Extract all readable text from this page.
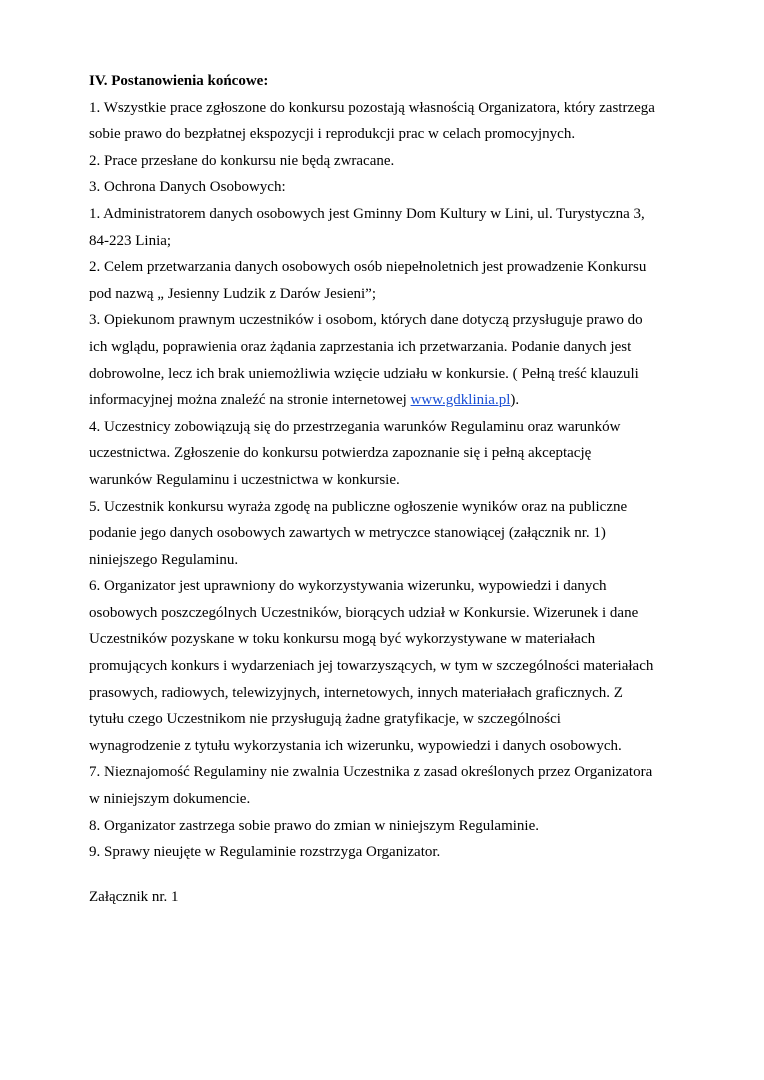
IV. Postanowienia końcowe:

1. Wszystkie prace zgłoszone do konkursu pozostają własnością Organizatora, który zastrzega

sobie prawo do bezpłatnej ekspozycji i reprodukcji prac w celach promocyjnych.

2. Prace przesłane do konkursu nie będą zwracane.

3. Ochrona Danych Osobowych:

1. Administratorem danych osobowych jest Gminny Dom Kultury w Lini, ul. Turystyczna 3,

84-223 Linia;

2. Celem przetwarzania danych osobowych osób niepełnoletnich jest prowadzenie Konkursu

pod nazwą „ Jesienny Ludzik z Darów Jesieni”;

3. Opiekunom prawnym uczestników i osobom, których dane dotyczą przysługuje prawo do

ich wglądu, poprawienia oraz żądania zaprzestania ich przetwarzania. Podanie danych jest

dobrowolne, lecz ich brak uniemożliwia wzięcie udziału w konkursie. ( Pełną treść klauzuli

informacyjnej można znaleźć na stronie internetowej www.gdklinia.pl).

4. Uczestnicy zobowiązują się do przestrzegania warunków Regulaminu oraz warunków

uczestnictwa. Zgłoszenie do konkursu potwierdza zapoznanie się i pełną akceptację

warunków Regulaminu i uczestnictwa w konkursie.

5. Uczestnik konkursu wyraża zgodę na publiczne ogłoszenie wyników oraz na publiczne

podanie jego danych osobowych zawartych w metryczce stanowiącej (załącznik nr. 1)

niniejszego Regulaminu.

6. Organizator jest uprawniony do wykorzystywania wizerunku, wypowiedzi i danych

osobowych poszczególnych Uczestników, biorących udział w Konkursie. Wizerunek i dane

Uczestników pozyskane w toku konkursu mogą być wykorzystywane w materiałach

promujących konkurs i wydarzeniach jej towarzyszących, w tym w szczególności materiałach

prasowych, radiowych, telewizyjnych, internetowych, innych materiałach graficznych. Z

tytułu czego Uczestnikom nie przysługują żadne gratyfikacje, w szczególności

wynagrodzenie z tytułu wykorzystania ich wizerunku, wypowiedzi i danych osobowych.

7. Nieznajomość Regulaminy nie zwalnia Uczestnika z zasad określonych przez Organizatora

w niniejszym dokumencie.

8. Organizator zastrzega sobie prawo do zmian w niniejszym Regulaminie.

9. Sprawy nieujęte w Regulaminie rozstrzyga Organizator.

Załącznik nr. 1
